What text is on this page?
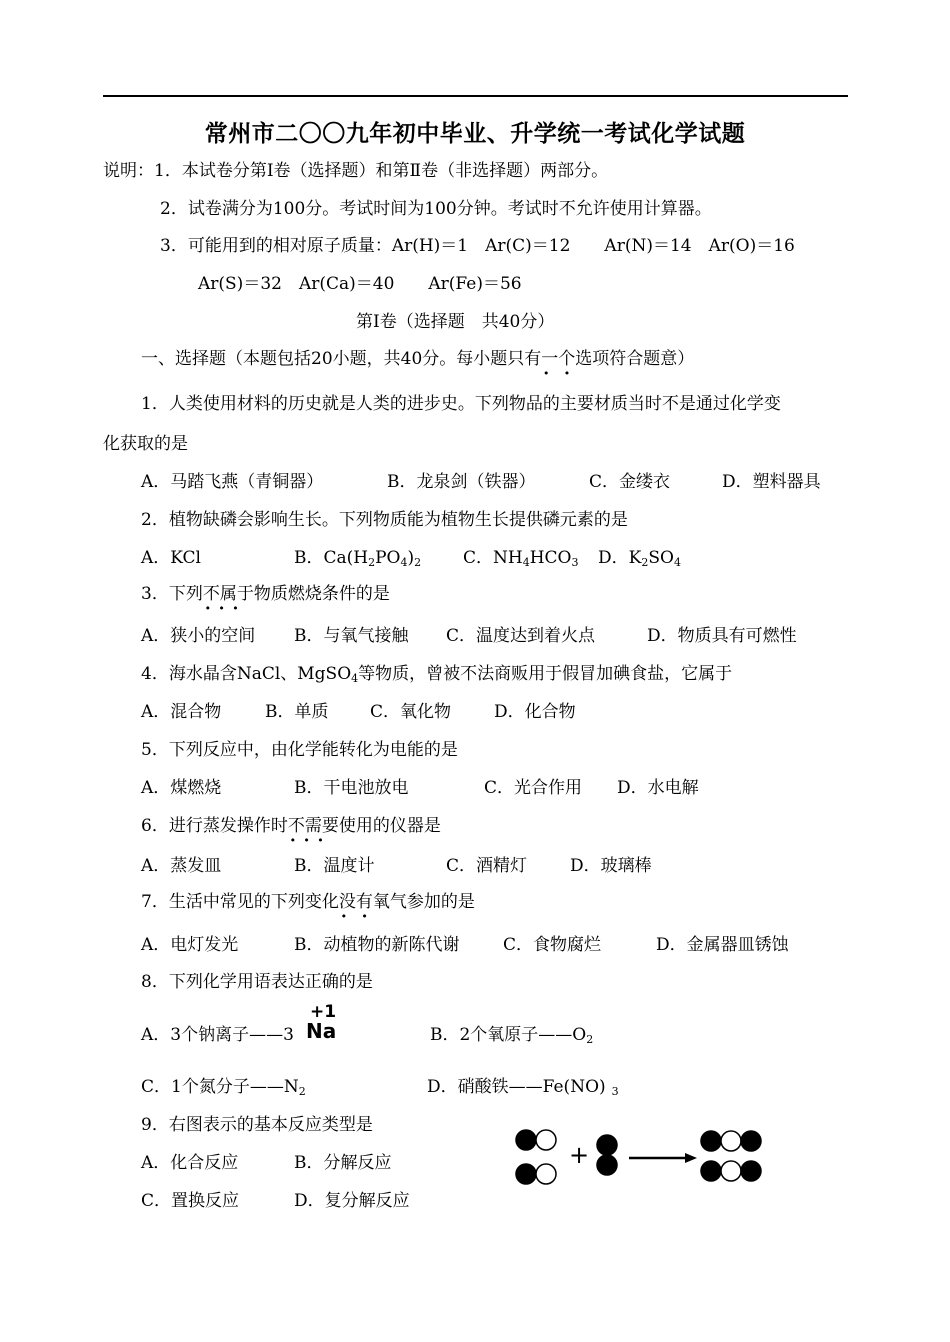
常州市二〇〇九年初中毕业、升学统一考试化学试题
说明：1．本试卷分第Ⅰ卷（选择题）和第Ⅱ卷（非选择题）两部分。
2．试卷满分为100分。考试时间为100分钟。考试时不允许使用计算器。
3．可能用到的相对原子质量：Ar(H)＝1　Ar(C)＝12　　Ar(N)＝14　Ar(O)＝16
Ar(S)＝32　Ar(Ca)＝40　　Ar(Fe)＝56
第Ⅰ卷（选择题　共40分）
一、选择题（本题包括20小题，共40分。每小题只有一个 ·  ·选项符合题意）
1．人类使用材料的历史就是人类的进步史。下列物品的主要材质当时不是通过化学变
化获取的是
A．马踏飞燕（青铜器）	B．龙泉剑（铁器）	C．金缕衣	D．塑料器具
2．植物缺磷会影响生长。下列物质能为植物生长提供磷元素的是
A．KCl	B．$Ca(H_2PO_4)_2$ C．$NH_4HCO_3$ D．$K_2SO_4$
3．下列不属于 · · ·物质燃烧条件的是
A．狭小的空间 B．与氧气接触 C．温度达到着火点	D．物质具有可燃性
4．海水晶含NaCl、MgSO$_4$等物质，曾被不法商贩用于假冒加碘食盐，它属于
A．混合物	B．单质 C．氧化物	D．化合物
5．下列反应中，由化学能转化为电能的是
A．煤燃烧	B．干电池放电	C．光合作用 D．水电解
6．进行蒸发操作时不需要 · · ·使用的仪器是
A．蒸发皿	B．温度计	C．酒精灯	D．玻璃棒
7．生活中常见的下列变化没有 ·  ·氧气参加的是
A．电灯发光	B．动植物的新陈代谢	C．食物腐烂	D．金属器皿锈蚀
8．下列化学用语表达正确的是
A．3个钠离子——3
+1
Na	B．2个氧原子$——O_2$
C．1个氮分子$——N_2$	D．硝酸铁——Fe(NO) $_3$
9．右图表示的基本反应类型是
A．化合反应	B．分解反应
C．置换反应	D．复分解反应
+
